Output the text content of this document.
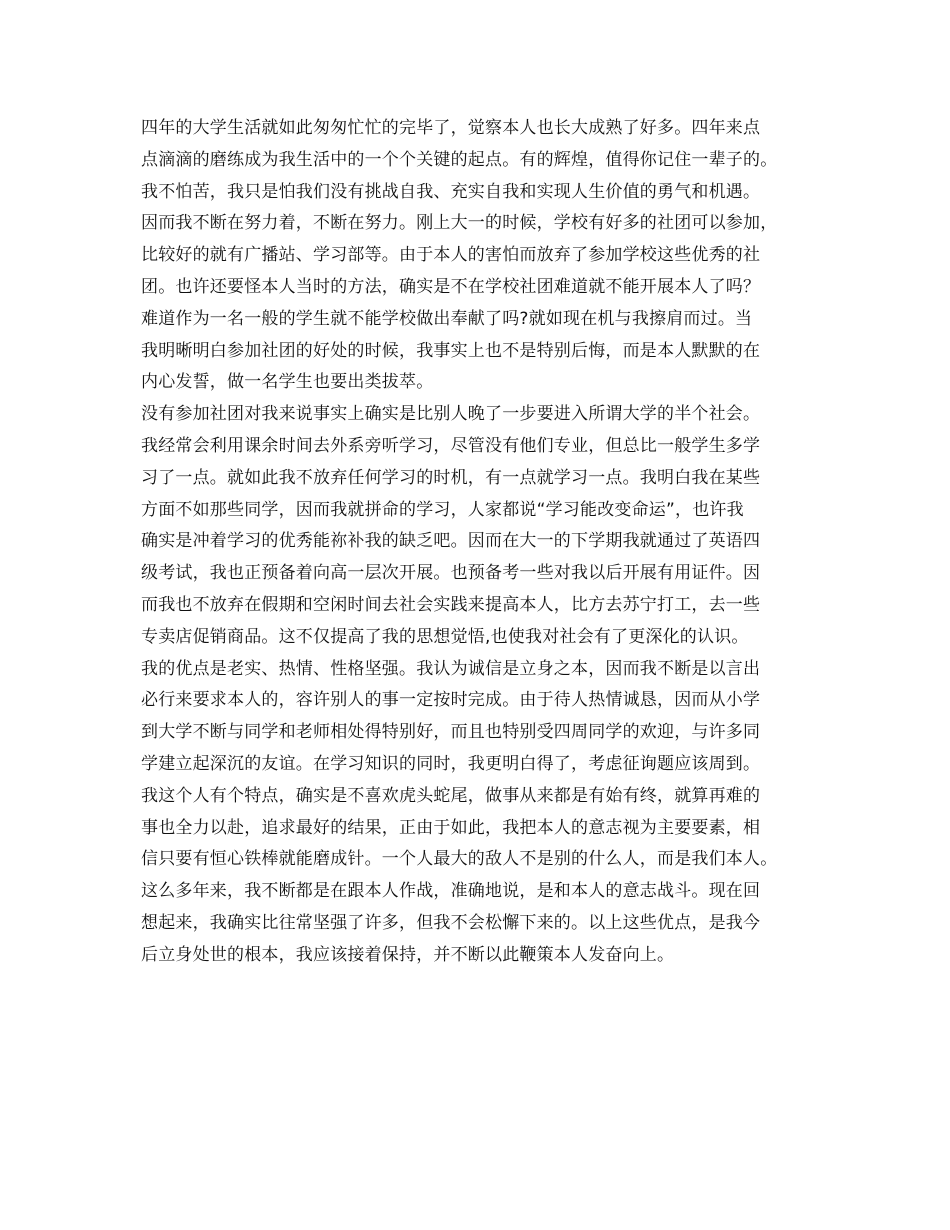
四年的大学生活就如此匆匆忙忙的完毕了，觉察本人也长大成熟了好多。四年来点
点滴滴的磨练成为我生活中的一个个关键的起点。有的辉煌，值得你记住一辈子的。
我不怕苦，我只是怕我们没有挑战自我、充实自我和实现人生价值的勇气和机遇。
因而我不断在努力着，不断在努力。刚上大一的时候，学校有好多的社团可以参加，
比较好的就有广播站、学习部等。由于本人的害怕而放弃了参加学校这些优秀的社
团。也许还要怪本人当时的方法，确实是不在学校社团难道就不能开展本人了吗？
难道作为一名一般的学生就不能学校做出奉献了吗?就如现在机与我擦肩而过。当
我明晰明白参加社团的好处的时候，我事实上也不是特别后悔，而是本人默默的在
内心发誓，做一名学生也要出类拔萃。
没有参加社团对我来说事实上确实是比别人晚了一步要进入所谓大学的半个社会。
我经常会利用课余时间去外系旁听学习，尽管没有他们专业，但总比一般学生多学
习了一点。就如此我不放弃任何学习的时机，有一点就学习一点。我明白我在某些
方面不如那些同学，因而我就拼命的学习，人家都说“学习能改变命运”，也许我
确实是冲着学习的优秀能祢补我的缺乏吧。因而在大一的下学期我就通过了英语四
级考试，我也正预备着向高一层次开展。也预备考一些对我以后开展有用证件。因
而我也不放弃在假期和空闲时间去社会实践来提高本人，比方去苏宁打工，去一些
专卖店促销商品。这不仅提高了我的思想觉悟,也使我对社会有了更深化的认识。
我的优点是老实、热情、性格坚强。我认为诚信是立身之本，因而我不断是以言出
必行来要求本人的，容许别人的事一定按时完成。由于待人热情诚恳，因而从小学
到大学不断与同学和老师相处得特别好，而且也特别受四周同学的欢迎，与许多同
学建立起深沉的友谊。在学习知识的同时，我更明白得了，考虑征询题应该周到。
我这个人有个特点，确实是不喜欢虎头蛇尾，做事从来都是有始有终，就算再难的
事也全力以赴，追求最好的结果，正由于如此，我把本人的意志视为主要要素，相
信只要有恒心铁棒就能磨成针。一个人最大的敌人不是别的什么人，而是我们本人。
这么多年来，我不断都是在跟本人作战，准确地说，是和本人的意志战斗。现在回
想起来，我确实比往常坚强了许多，但我不会松懈下来的。以上这些优点，是我今
后立身处世的根本，我应该接着保持，并不断以此鞭策本人发奋向上。
